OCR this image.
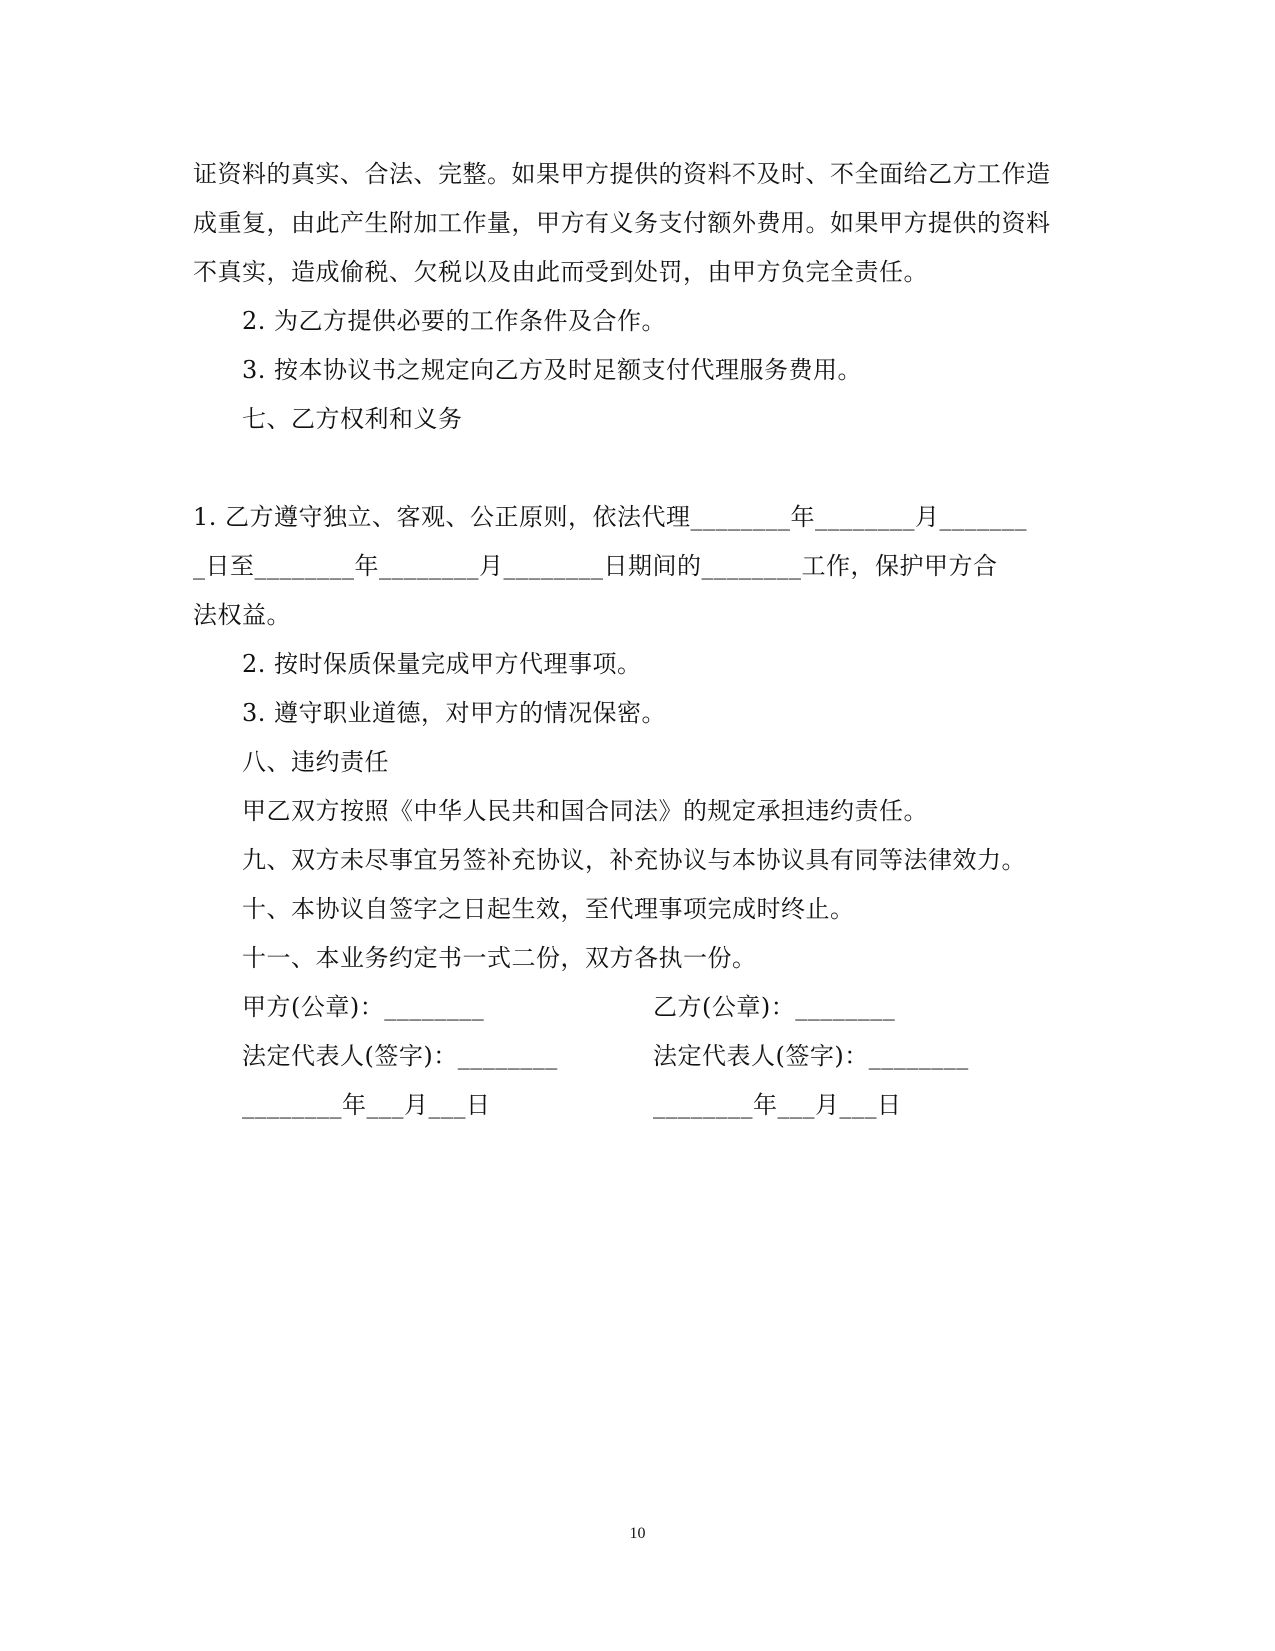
证资料的真实、合法、完整。如果甲方提供的资料不及时、不全面给乙方工作造
成重复，由此产生附加工作量，甲方有义务支付额外费用。如果甲方提供的资料
不真实，造成偷税、欠税以及由此而受到处罚，由甲方负完全责任。
2. 为乙方提供必要的工作条件及合作。
3. 按本协议书之规定向乙方及时足额支付代理服务费用。
七、乙方权利和义务
1. 乙方遵守独立、客观、公正原则，依法代理________年________月_______
_日至________年________月________日期间的________工作，保护甲方合
法权益。
2. 按时保质保量完成甲方代理事项。
3. 遵守职业道德，对甲方的情况保密。
八、违约责任
甲乙双方按照《中华人民共和国合同法》的规定承担违约责任。
九、双方未尽事宜另签补充协议，补充协议与本协议具有同等法律效力。
十、本协议自签字之日起生效，至代理事项完成时终止。
十一、本业务约定书一式二份，双方各执一份。
甲方(公章)：________	乙方(公章)：________
法定代表人(签字)：________	法定代表人(签字)：________
________年___月___日	________年___月___日
10
